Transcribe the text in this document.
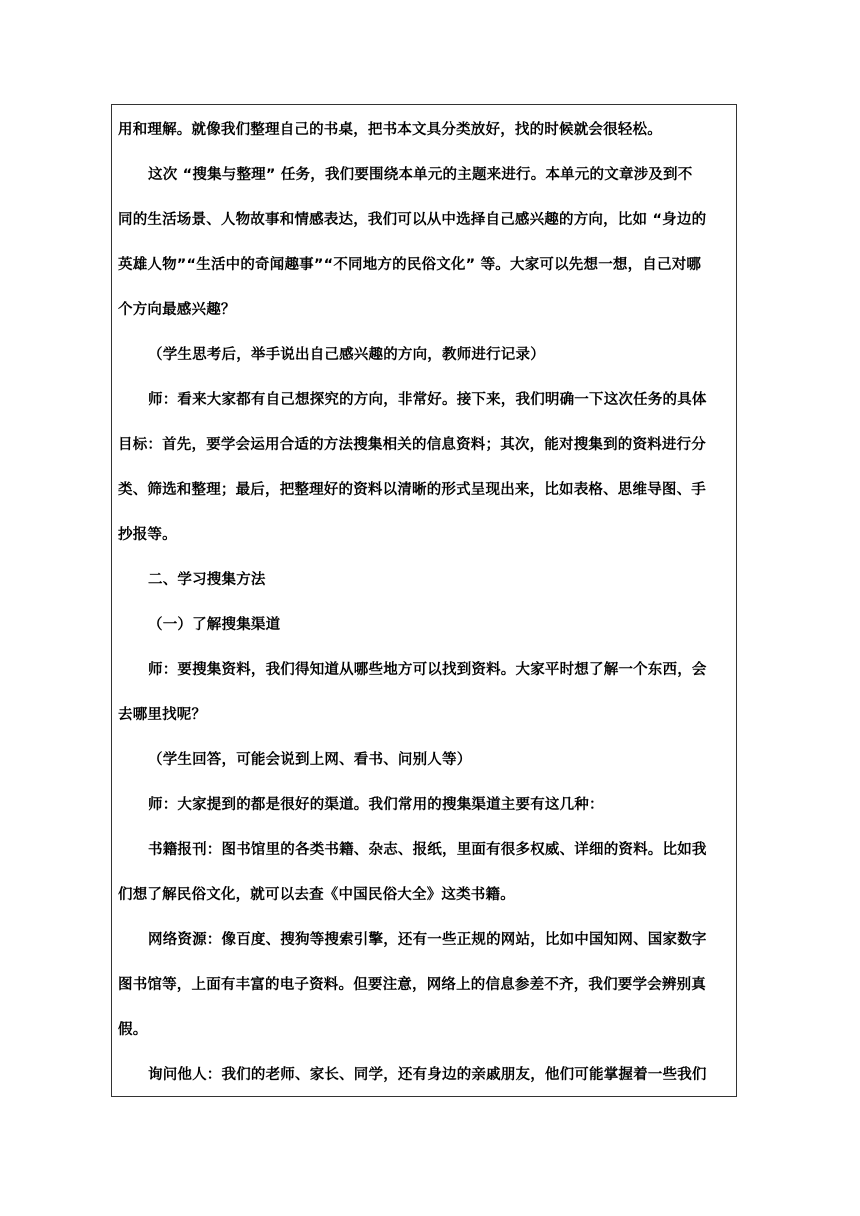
用和理解。就像我们整理自己的书桌，把书本文具分类放好，找的时候就会很轻松。

这次 “搜集与整理” 任务，我们要围绕本单元的主题来进行。本单元的文章涉及到不

同的生活场景、人物故事和情感表达，我们可以从中选择自己感兴趣的方向，比如 “身边的

英雄人物”“生活中的奇闻趣事”“不同地方的民俗文化” 等。大家可以先想一想，自己对哪

个方向最感兴趣？

（学生思考后，举手说出自己感兴趣的方向，教师进行记录）

师：看来大家都有自己想探究的方向，非常好。接下来，我们明确一下这次任务的具体

目标：首先，要学会运用合适的方法搜集相关的信息资料；其次，能对搜集到的资料进行分

类、筛选和整理；最后，把整理好的资料以清晰的形式呈现出来，比如表格、思维导图、手

抄报等。

二、学习搜集方法

（一）了解搜集渠道

师：要搜集资料，我们得知道从哪些地方可以找到资料。大家平时想了解一个东西，会

去哪里找呢？

（学生回答，可能会说到上网、看书、问别人等）

师：大家提到的都是很好的渠道。我们常用的搜集渠道主要有这几种：

书籍报刊：图书馆里的各类书籍、杂志、报纸，里面有很多权威、详细的资料。比如我

们想了解民俗文化，就可以去查《中国民俗大全》这类书籍。

网络资源：像百度、搜狗等搜索引擎，还有一些正规的网站，比如中国知网、国家数字

图书馆等，上面有丰富的电子资料。但要注意，网络上的信息参差不齐，我们要学会辨别真

假。

询问他人：我们的老师、家长、同学，还有身边的亲戚朋友，他们可能掌握着一些我们
